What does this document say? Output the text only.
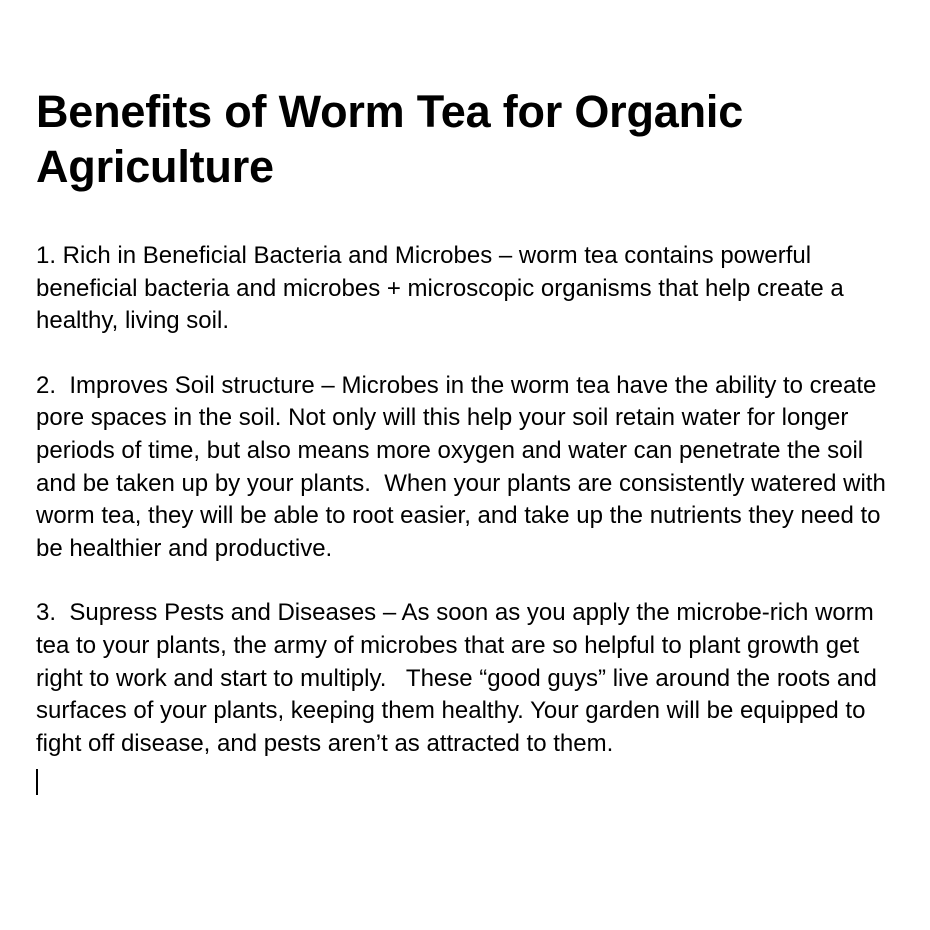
Benefits of Worm Tea for Organic Agriculture

1. Rich in Beneficial Bacteria and Microbes – worm tea contains powerful beneficial bacteria and microbes + microscopic organisms that help create a healthy, living soil.

2.  Improves Soil structure – Microbes in the worm tea have the ability to create pore spaces in the soil. Not only will this help your soil retain water for longer periods of time, but also means more oxygen and water can penetrate the soil and be taken up by your plants.  When your plants are consistently watered with worm tea, they will be able to root easier, and take up the nutrients they need to be healthier and productive.

3.  Supress Pests and Diseases – As soon as you apply the microbe-rich worm tea to your plants, the army of microbes that are so helpful to plant growth get right to work and start to multiply.   These “good guys” live around the roots and surfaces of your plants, keeping them healthy. Your garden will be equipped to fight off disease, and pests aren’t as attracted to them.
